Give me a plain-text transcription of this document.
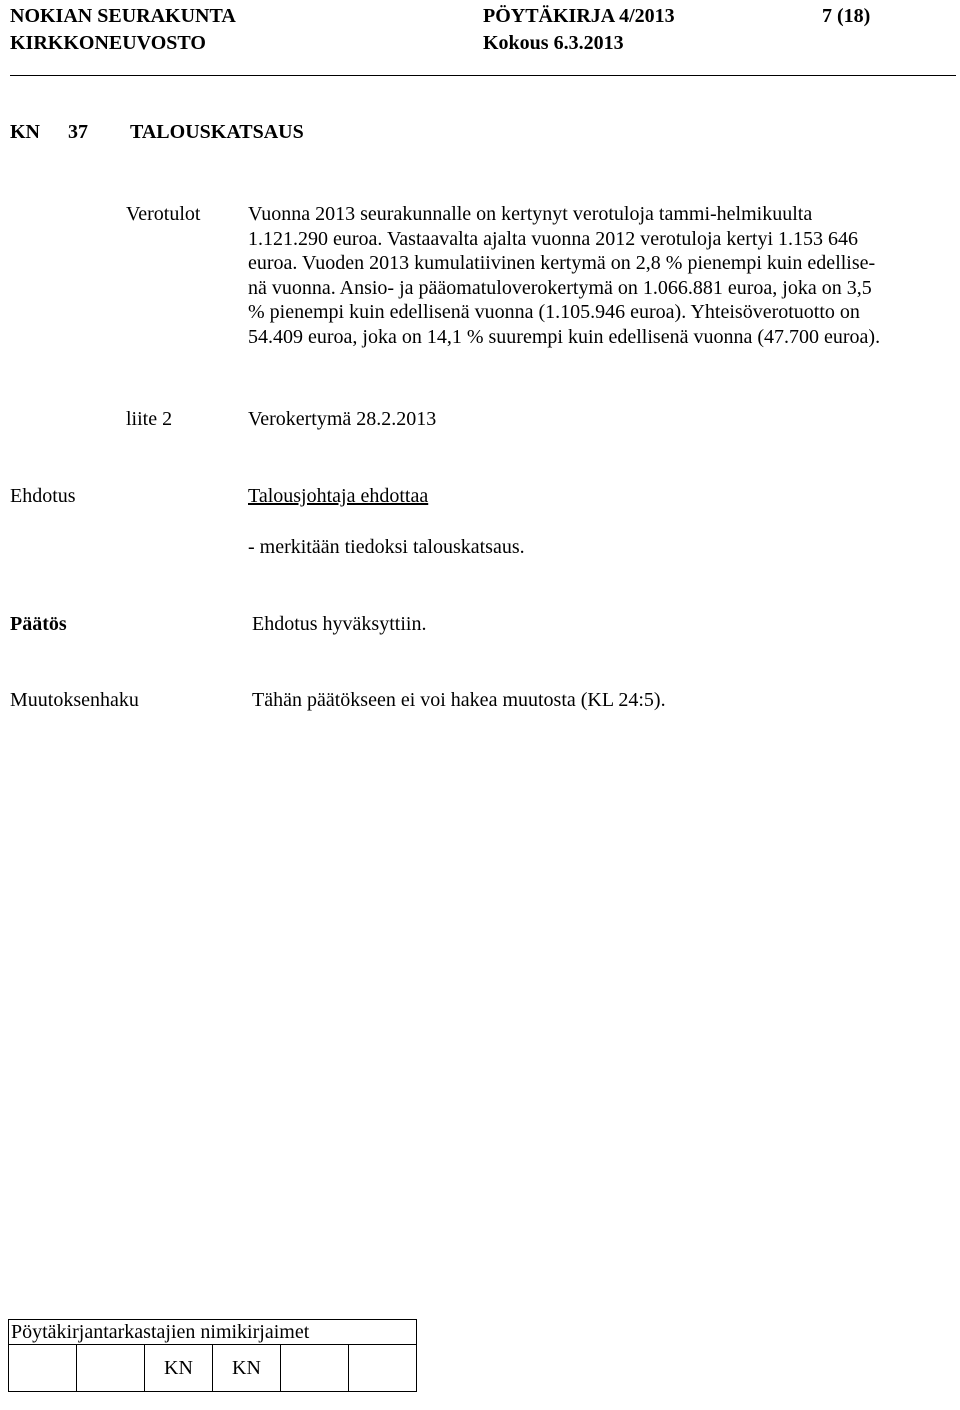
NOKIAN SEURAKUNTA	PÖYTÄKIRJA 4/2013	7 (18)
KIRKKONEUVOSTO	Kokous 6.3.2013
KN 37 TALOUSKATSAUS
Verotulot Vuonna 2013 seurakunnalle on kertynyt verotuloja tammi-helmikuulta
1.121.290 euroa. Vastaavalta ajalta vuonna 2012 verotuloja kertyi 1.153 646
euroa. Vuoden 2013 kumulatiivinen kertymä on 2,8 % pienempi kuin edellise-
nä vuonna. Ansio- ja pääomatuloverokertymä on 1.066.881 euroa, joka on 3,5
% pienempi kuin edellisenä vuonna (1.105.946 euroa). Yhteisöverotuotto on
54.409 euroa, joka on 14,1 % suurempi kuin edellisenä vuonna (47.700 euroa).
liite 2	Verokertymä 28.2.2013
Ehdotus	Talousjohtaja ehdottaa
- merkitään tiedoksi talouskatsaus.
Päätös	Ehdotus hyväksyttiin.
Muutoksenhaku	Tähän päätökseen ei voi hakea muutosta (KL 24:5).
Pöytäkirjantarkastajien nimikirjaimet
		KN	KN		
